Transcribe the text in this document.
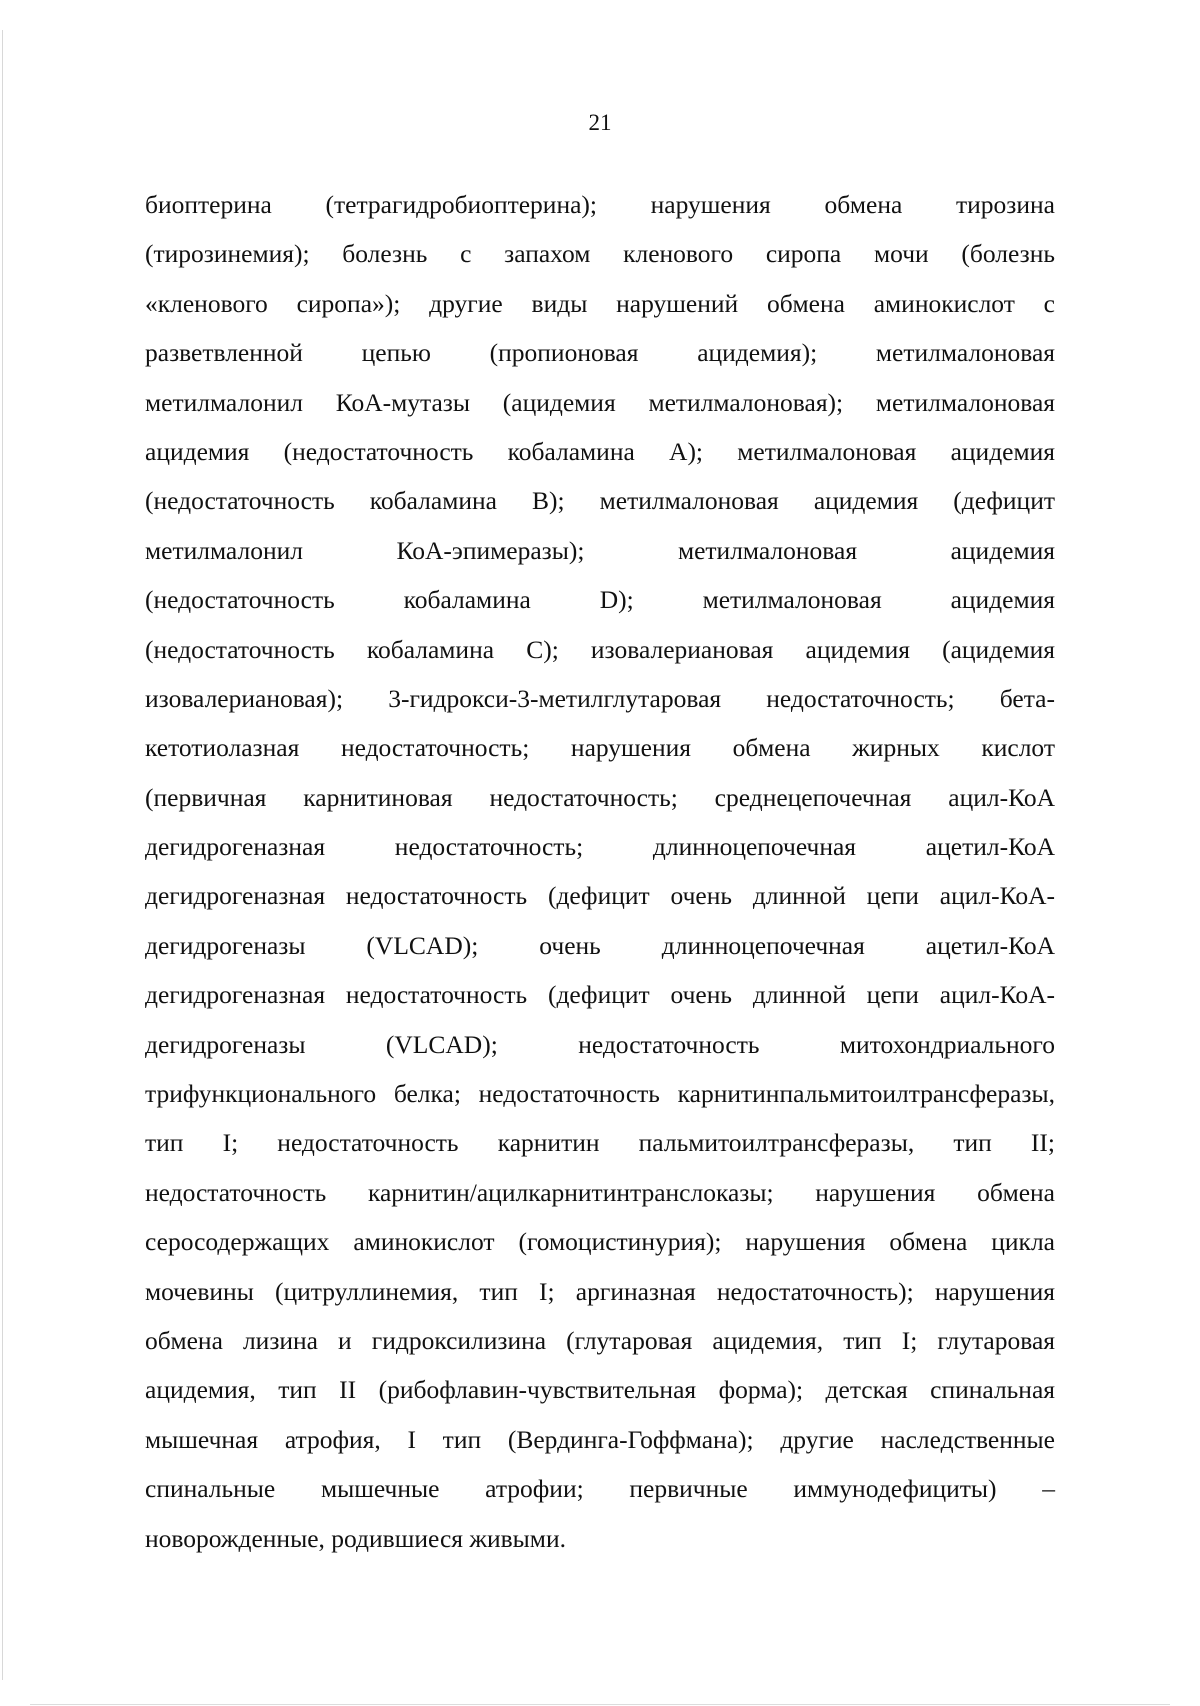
21
биоптерина (тетрагидробиоптерина); нарушения обмена тирозина
(тирозинемия); болезнь с запахом кленового сиропа мочи (болезнь
«кленового сиропа»); другие виды нарушений обмена аминокислот с
разветвленной цепью (пропионовая ацидемия); метилмалоновая
метилмалонил КоА-мутазы (ацидемия метилмалоновая); метилмалоновая
ацидемия (недостаточность кобаламина А); метилмалоновая ацидемия
(недостаточность кобаламина В); метилмалоновая ацидемия (дефицит
метилмалонил КоА-эпимеразы); метилмалоновая ацидемия
(недостаточность кобаламина D); метилмалоновая ацидемия
(недостаточность кобаламина С); изовалериановая ацидемия (ацидемия
изовалериановая); 3-гидрокси-3-метилглутаровая недостаточность; бета-
кетотиолазная недостаточность; нарушения обмена жирных кислот
(первичная карнитиновая недостаточность; среднецепочечная ацил-КоА
дегидрогеназная недостаточность; длинноцепочечная ацетил-КоА
дегидрогеназная недостаточность (дефицит очень длинной цепи ацил-КоА-
дегидрогеназы (VLCAD); очень длинноцепочечная ацетил-КоА
дегидрогеназная недостаточность (дефицит очень длинной цепи ацил-КоА-
дегидрогеназы (VLCAD); недостаточность митохондриального
трифункционального белка; недостаточность карнитинпальмитоилтрансферазы,
тип I; недостаточность карнитин пальмитоилтрансферазы, тип II;
недостаточность карнитин/ацилкарнитинтранслоказы; нарушения обмена
серосодержащих аминокислот (гомоцистинурия); нарушения обмена цикла
мочевины (цитруллинемия, тип I; аргиназная недостаточность); нарушения
обмена лизина и гидроксилизина (глутаровая ацидемия, тип I; глутаровая
ацидемия, тип II (рибофлавин-чувствительная форма); детская спинальная
мышечная атрофия, I тип (Вердинга-Гоффмана); другие наследственные
спинальные мышечные атрофии; первичные иммунодефициты) –
новорожденные, родившиеся живыми.
